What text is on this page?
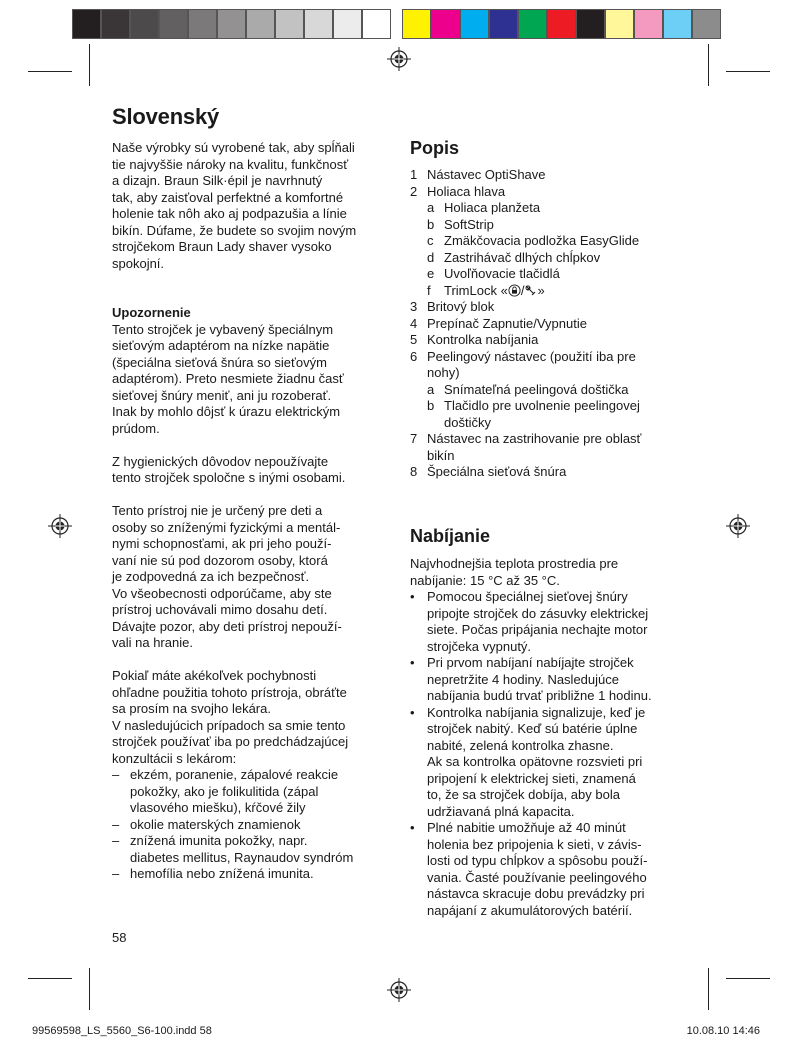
Slovenský

Naše výrobky sú vyrobené tak, aby spĺňali
tie najvyššie nároky na kvalitu, funkčnosť
a dizajn. Braun Silk·épil je navrhnutý
tak, aby zaisťoval perfektné a komfortné
holenie tak nôh ako aj podpazušia a línie
bikín. Dúfame, že budete so svojim novým
strojčekom Braun Lady shaver vysoko
spokojní.

Upozornenie

Tento strojček je vybavený špeciálnym
sieťovým adaptérom na nízke napätie
(špeciálna sieťová šnúra so sieťovým
adaptérom). Preto nesmiete žiadnu časť
sieťovej šnúry meniť, ani ju rozoberať.
Inak by mohlo dôjsť k úrazu elektrickým
prúdom.

Z hygienických dôvodov nepoužívajte
tento strojček spoločne s inými osobami.

Tento prístroj nie je určený pre deti a
osoby so zníženými fyzickými a mentál-
nymi schopnosťami, ak pri jeho použí-
vaní nie sú pod dozorom osoby, ktorá
je zodpovedná za ich bezpečnosť.
Vo všeobecnosti odporúčame, aby ste
prístroj uchovávali mimo dosahu detí.
Dávajte pozor, aby deti prístroj nepouží-
vali na hranie.

Pokiaľ máte akékoľvek pochybnosti
ohľadne použitia tohoto prístroja, obráťte
sa prosím na svojho lekára.
V nasledujúcich prípadoch sa smie tento
strojček používať iba po predchádzajúcej
konzultácii s lekárom:

– ekzém, poranenie, zápalové reakcie
pokožky, ako je folikulitida (zápal
vlasového miešku), kŕčové žily
– okolie materských znamienok
– znížená imunita pokožky, napr.
diabetes mellitus, Raynaudov syndróm
– hemofília nebo znížená imunita.
58
Popis
1 Nástavec OptiShave
2 Holiaca hlava
a Holiaca planžeta
b SoftStrip
c Zmäkčovacia podložka EasyGlide
d Zastrihávač dlhých chĺpkov
e Uvoľňovacie tlačidlá
f	TrimLock « / »
3 Britový blok
4 Prepínač Zapnutie/Vypnutie
5 Kontrolka nabíjania
6 Peelingový nástavec (použití iba pre
nohy)
a Snímateľná peelingová doštička
b Tlačidlo pre uvolnenie peelingovej
doštičky
7 Nástavec na zastrihovanie pre oblasť
bikín
8 Špeciálna sieťová šnúra
Nabíjanie

Najvhodnejšia teplota prostredia pre
nabíjanie: 15 °C až 35 °C.

• Pomocou špeciálnej sieťovej šnúry
pripojte strojček do zásuvky elektrickej
siete. Počas pripájania nechajte motor
strojčeka vypnutý.
• Pri prvom nabíjaní nabíjajte strojček
nepretržite 4 hodiny. Nasledujúce
nabíjania budú trvať približne 1 hodinu.
• Kontrolka nabíjania signalizuje, keď je
strojček nabitý. Keď sú batérie úplne
nabité, zelená kontrolka zhasne.
Ak sa kontrolka opätovne rozsvieti pri
pripojení k elektrickej sieti, znamená
to, že sa strojček dobíja, aby bola
udržiavaná plná kapacita.
• Plné nabitie umožňuje až 40 minút
holenia bez pripojenia k sieti, v závis-
losti od typu chĺpkov a spôsobu použí-
vania. Časté používanie peelingového
nástavca skracuje dobu prevádzky pri
napájaní z akumulátorových batérií.
99569598_LS_5560_S6-100.indd 58	10.08.10 14:46
